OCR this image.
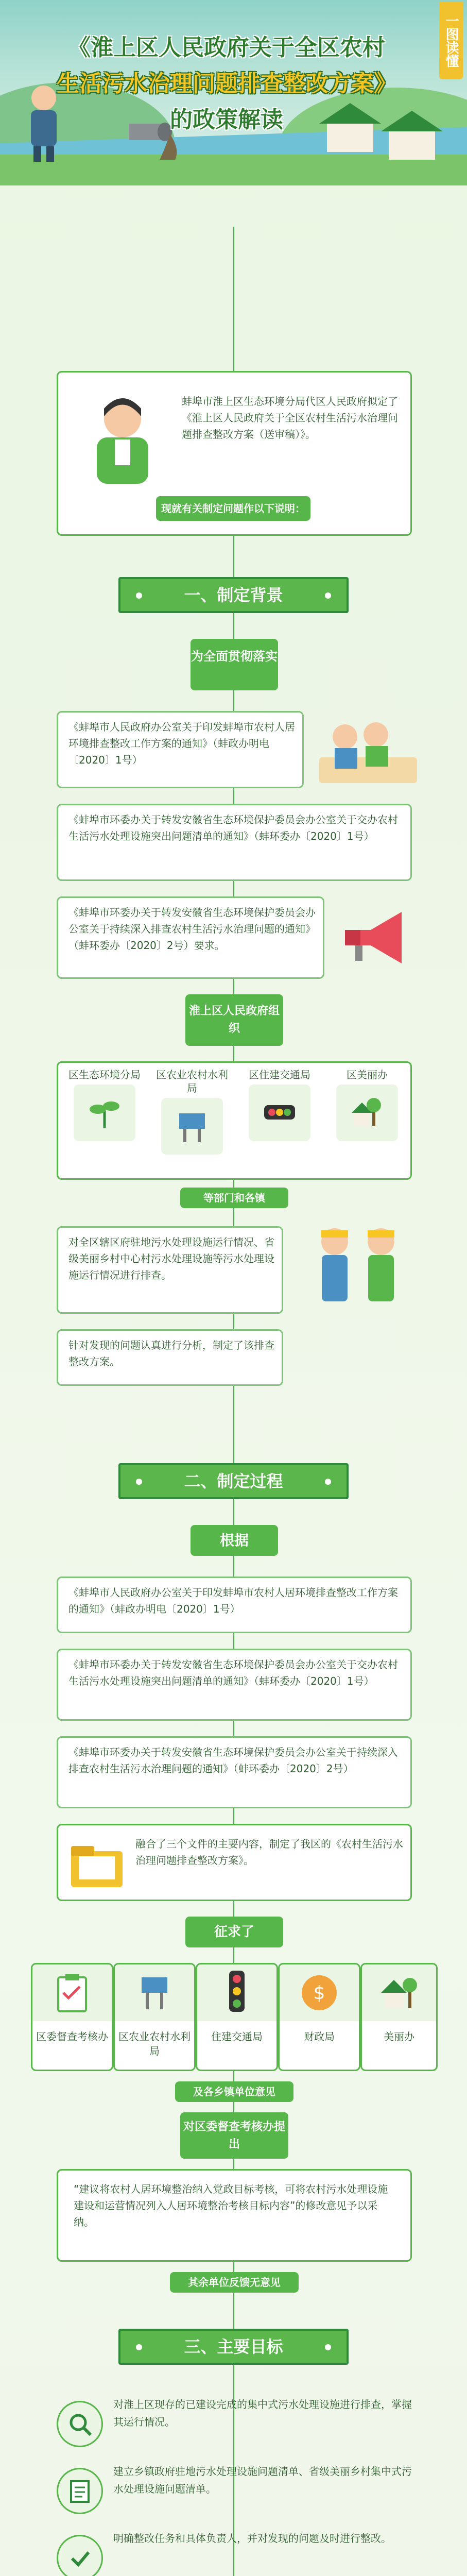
《淮上区人民政府关于全区农村
生活污水治理问题排查整改方案》
的政策解读
一图读懂
蚌埠市淮上区生态环境分局代区人民政府拟定了《淮上区人民政府关于全区农村生活污水治理问题排查整改方案（送审稿）》。
现就有关制定问题作以下说明：
一、制定背景
为全面贯彻落实
《蚌埠市人民政府办公室关于印发蚌埠市农村人居环境排查整改工作方案的通知》（蚌政办明电〔2020〕1号）
《蚌埠市环委办关于转发安徽省生态环境保护委员会办公室关于交办农村生活污水处理设施突出问题清单的通知》（蚌环委办〔2020〕1号）
《蚌埠市环委办关于转发安徽省生态环境保护委员会办公室关于持续深入排查农村生活污水治理问题的通知》（蚌环委办〔2020〕2号）要求。
淮上区人民政府组织
区生态环境分局 区农业农村水利局
区住建交通局	区美丽办
等部门和各镇
对全区辖区府驻地污水处理设施运行情况、省级美丽乡村中心村污水处理设施等污水处理设施运行情况进行排查。
针对发现的问题认真进行分析，制定了该排查整改方案。
二、制定过程
根据
《蚌埠市人民政府办公室关于印发蚌埠市农村人居环境排查整改工作方案的通知》（蚌政办明电〔2020〕1号）
《蚌埠市环委办关于转发安徽省生态环境保护委员会办公室关于交办农村生活污水处理设施突出问题清单的通知》（蚌环委办〔2020〕1号）
《蚌埠市环委办关于转发安徽省生态环境保护委员会办公室关于持续深入排查农村生活污水治理问题的通知》（蚌环委办〔2020〕2号）
融合了三个文件的主要内容，制定了我区的《农村生活污水治理问题排查整改方案》。
征求了
区委督查考核办	区农业农村水利局
住建交通局
$
财政局	美丽办
及各乡镇单位意见
对区委督查考核办提出
“建议将农村人居环境整治纳入党政目标考核，可将农村污水处理设施建设和运营情况列入人居环境整治考核目标内容”的修改意见予以采纳。
其余单位反馈无意见
三、主要目标
对淮上区现存的已建设完成的集中式污水处理设施进行排查，掌握其运行情况。
建立乡镇政府驻地污水处理设施问题清单、省级美丽乡村集中式污水处理设施问题清单。
明确整改任务和具体负责人，并对发现的问题及时进行整改。
